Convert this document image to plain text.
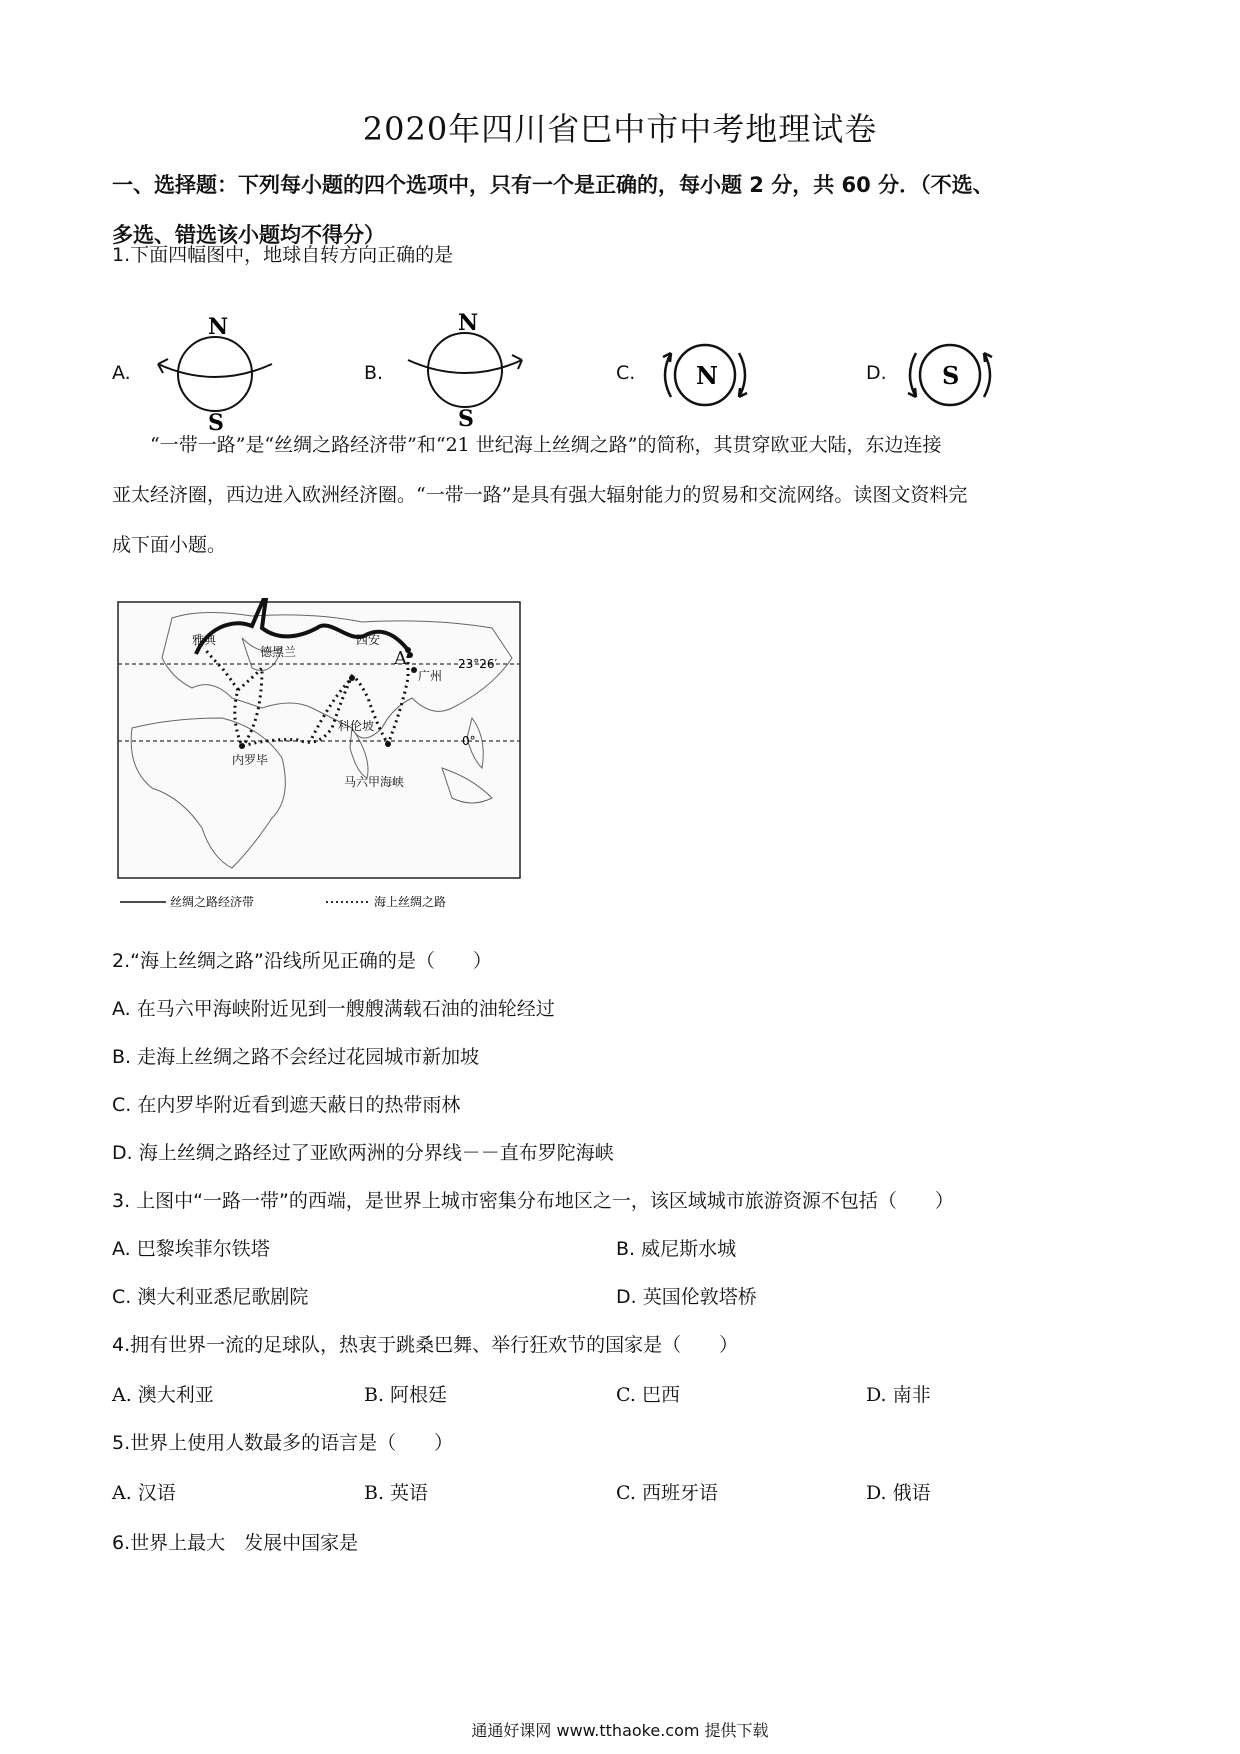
2020年四川省巴中市中考地理试卷
一、选择题：下列每小题的四个选项中，只有一个是正确的，每小题 2 分，共 60 分．（不选、
多选、错选该小题均不得分）
1.下面四幅图中，地球自转方向正确的是
A.
N
S
B.
N
S
C.	N	D. S
“一带一路”是“丝绸之路经济带”和“21 世纪海上丝绸之路”的简称，其贯穿欧亚大陆，东边连接
亚太经济圈，西边进入欧洲经济圈。“一带一路”是具有强大辐射能力的贸易和交流网络。读图文资料完
成下面小题。
23°26′
0°
雅典
德黑兰
西安
A
广州
科伦坡
内罗毕
马六甲海峡
丝绸之路经济带	海上丝绸之路
2.“海上丝绸之路”沿线所见正确的是（　　）
A. 在马六甲海峡附近见到一艘艘满载石油的油轮经过
B. 走海上丝绸之路不会经过花园城市新加坡
C. 在内罗毕附近看到遮天蔽日的热带雨林
D. 海上丝绸之路经过了亚欧两洲的分界线－－直布罗陀海峡
3. 上图中“一路一带”的西端，是世界上城市密集分布地区之一，该区域城市旅游资源不包括（　　）
A. 巴黎埃菲尔铁塔	B. 威尼斯水城
C. 澳大利亚悉尼歌剧院	D. 英国伦敦塔桥
4.拥有世界一流的足球队，热衷于跳桑巴舞、举行狂欢节的国家是（　　）
A. 澳大利亚	B. 阿根廷	C. 巴西	D. 南非
5.世界上使用人数最多的语言是（　　）
A. 汉语	B. 英语	C. 西班牙语	D. 俄语
6.世界上最大　发展中国家是
通通好课网 www.tthaoke.com 提供下载
